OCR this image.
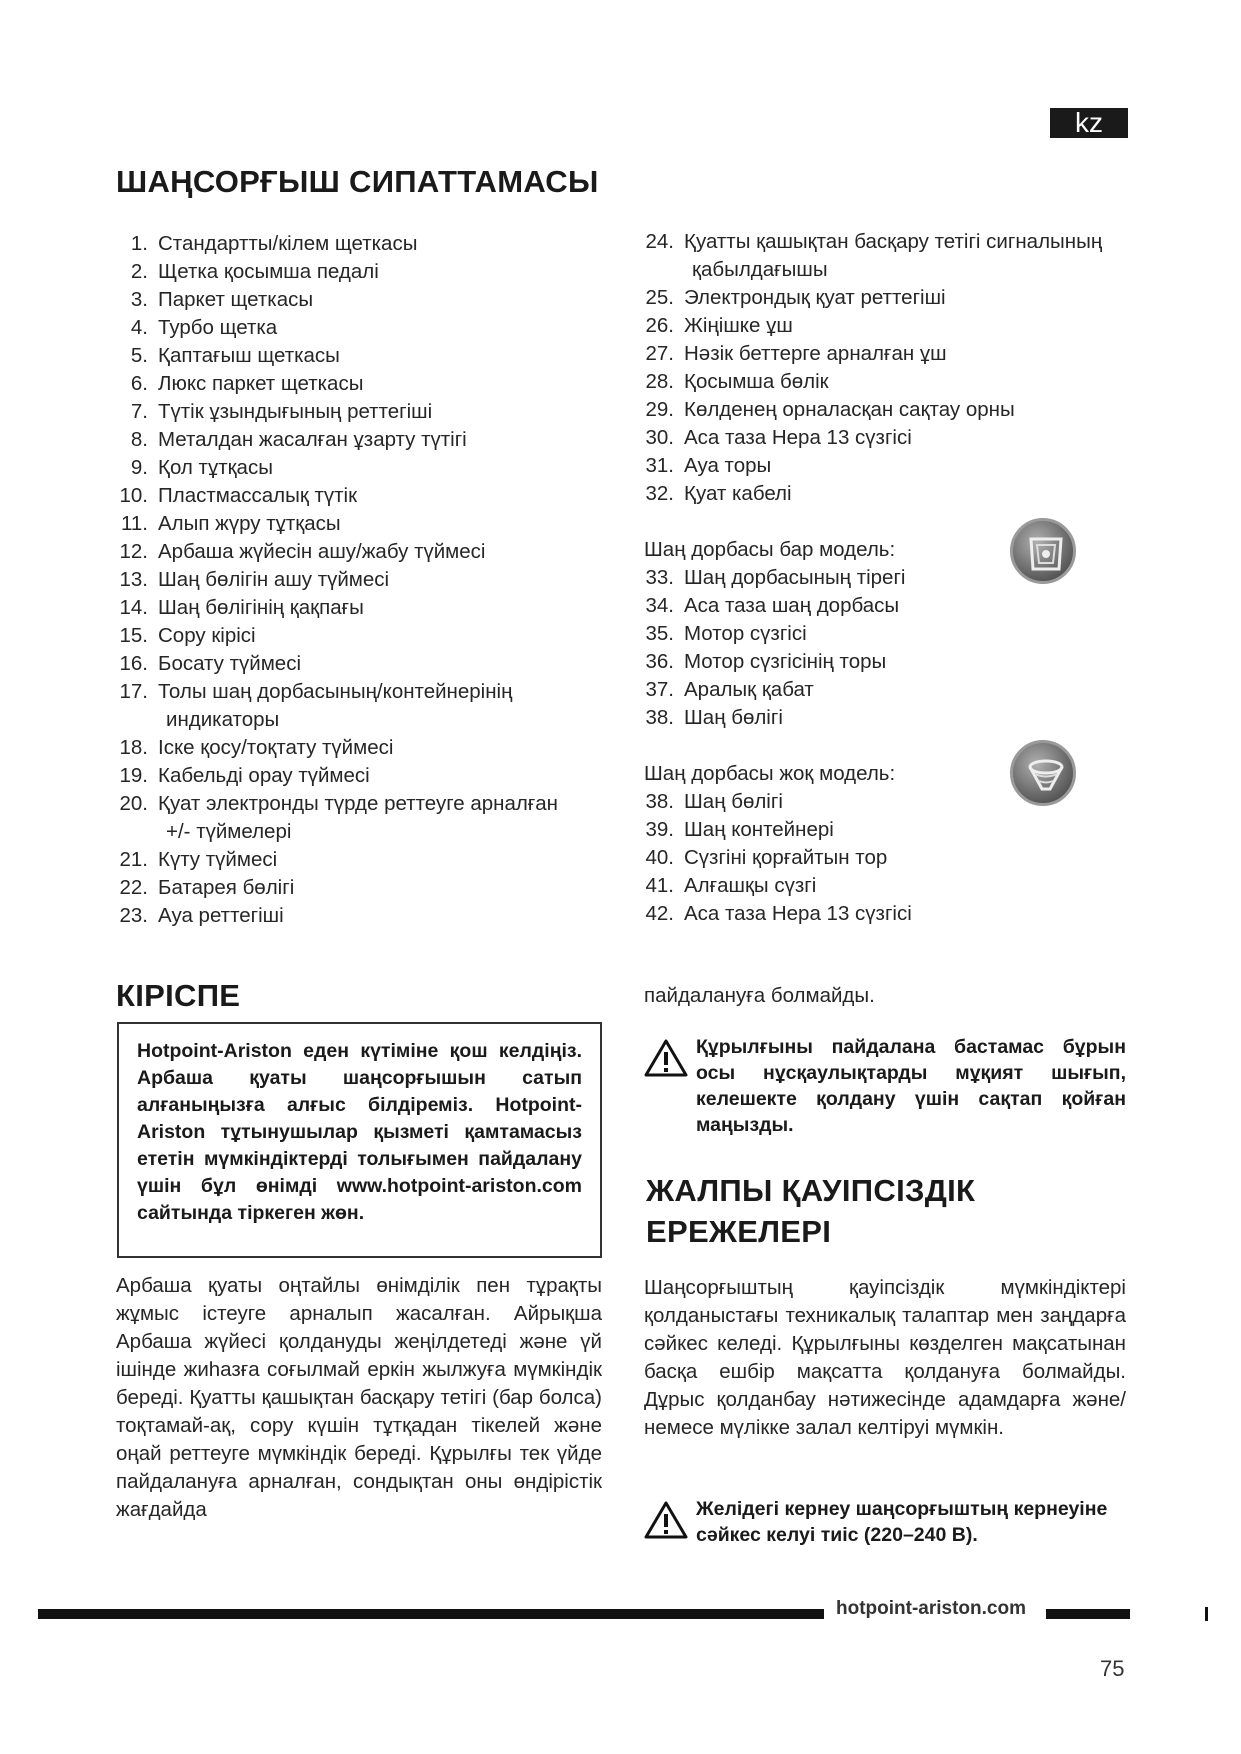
kz
ШАҢСОРҒЫШ СИПАТТАМАСЫ
1. Стандартты/кілем щеткасы
2. Щетка қосымша педалі
3. Паркет щеткасы
4. Турбо щетка
5. Қаптағыш щеткасы
6. Люкс паркет щеткасы
7. Түтік ұзындығының реттегіші
8. Металдан жасалған ұзарту түтігі
9. Қол тұтқасы
10. Пластмассалық түтік
11. Алып жүру тұтқасы
12. Арбаша жүйесін ашу/жабу түймесі
13. Шаң бөлігін ашу түймесі
14. Шаң бөлігінің қақпағы
15. Сору кірісі
16. Босату түймесі
17. Толы шаң дорбасының/контейнерінің
индикаторы
18. Іске қосу/тоқтату түймесі
19. Кабельді орау түймесі
20. Қуат электронды түрде реттеуге арналған
+/- түймелері
21. Күту түймесі
22. Батарея бөлігі
23. Ауа реттегіші
24. Қуатты қашықтан басқару тетігі сигналының
қабылдағышы
25. Электрондық қуат реттегіші
26. Жіңішке ұш
27. Нәзік беттерге арналған ұш
28. Қосымша бөлік
29. Көлденең орналасқан сақтау орны
30. Аса таза Hepa 13 сүзгісі
31. Ауа торы
32. Қуат кабелі
Шаң дорбасы бар модель:
33. Шаң дорбасының тірегі
34. Аса таза шаң дорбасы
35. Мотор сүзгісі
36. Мотор сүзгісінің торы
37. Аралық қабат
38. Шаң бөлігі
Шаң дорбасы жоқ модель:
38. Шаң бөлігі
39. Шаң контейнері
40. Сүзгіні қорғайтын тор
41. Алғашқы сүзгі
42. Аса таза Hepa 13 сүзгісі
КІРІСПЕ
Hotpoint-Ariston еден күтіміне қош келдіңіз. Арбаша қуаты шаңсорғышын сатып алғаныңызға алғыс білдіреміз. Hotpoint-Ariston тұтынушылар қызметі қамтамасыз ететін мүмкіндіктерді толығымен пайдалану үшін бұл өнімді www.hotpoint-ariston.com сайтында тіркеген жөн.
Арбаша қуаты оңтайлы өнімділік пен тұрақты жұмыс істеуге арналып жасалған. Айрықша Арбаша жүйесі қолдануды жеңілдетеді және үй ішінде жиһазға соғылмай еркін жылжуға мүмкіндік береді. Қуатты қашықтан басқару тетігі (бар болса) тоқтамай-ақ, сору күшін тұтқадан тікелей және оңай реттеуге мүмкіндік береді. Құрылғы тек үйде пайдалануға арналған, сондықтан оны өндірістік жағдайда
пайдалануға болмайды.
Құрылғыны пайдалана бастамас бұрын осы нұсқаулықтарды мұқият шығып, келешекте қолдану үшін сақтап қойған маңызды.
ЖАЛПЫ ҚАУІПСІЗДІК ЕРЕЖЕЛЕРІ
Шаңсорғыштың қауіпсіздік мүмкіндіктері қолданыстағы техникалық талаптар мен заңдарға сәйкес келеді. Құрылғыны көзделген мақсатынан басқа ешбір мақсатта қолдануға болмайды. Дұрыс қолданбау нәтижесінде адамдарға және/немесе мүлікке залал келтіруі мүмкін.
Желідегі кернеу шаңсорғыштың кернеуіне сәйкес келуі тиіс (220–240 В).
hotpoint-ariston.com
75
